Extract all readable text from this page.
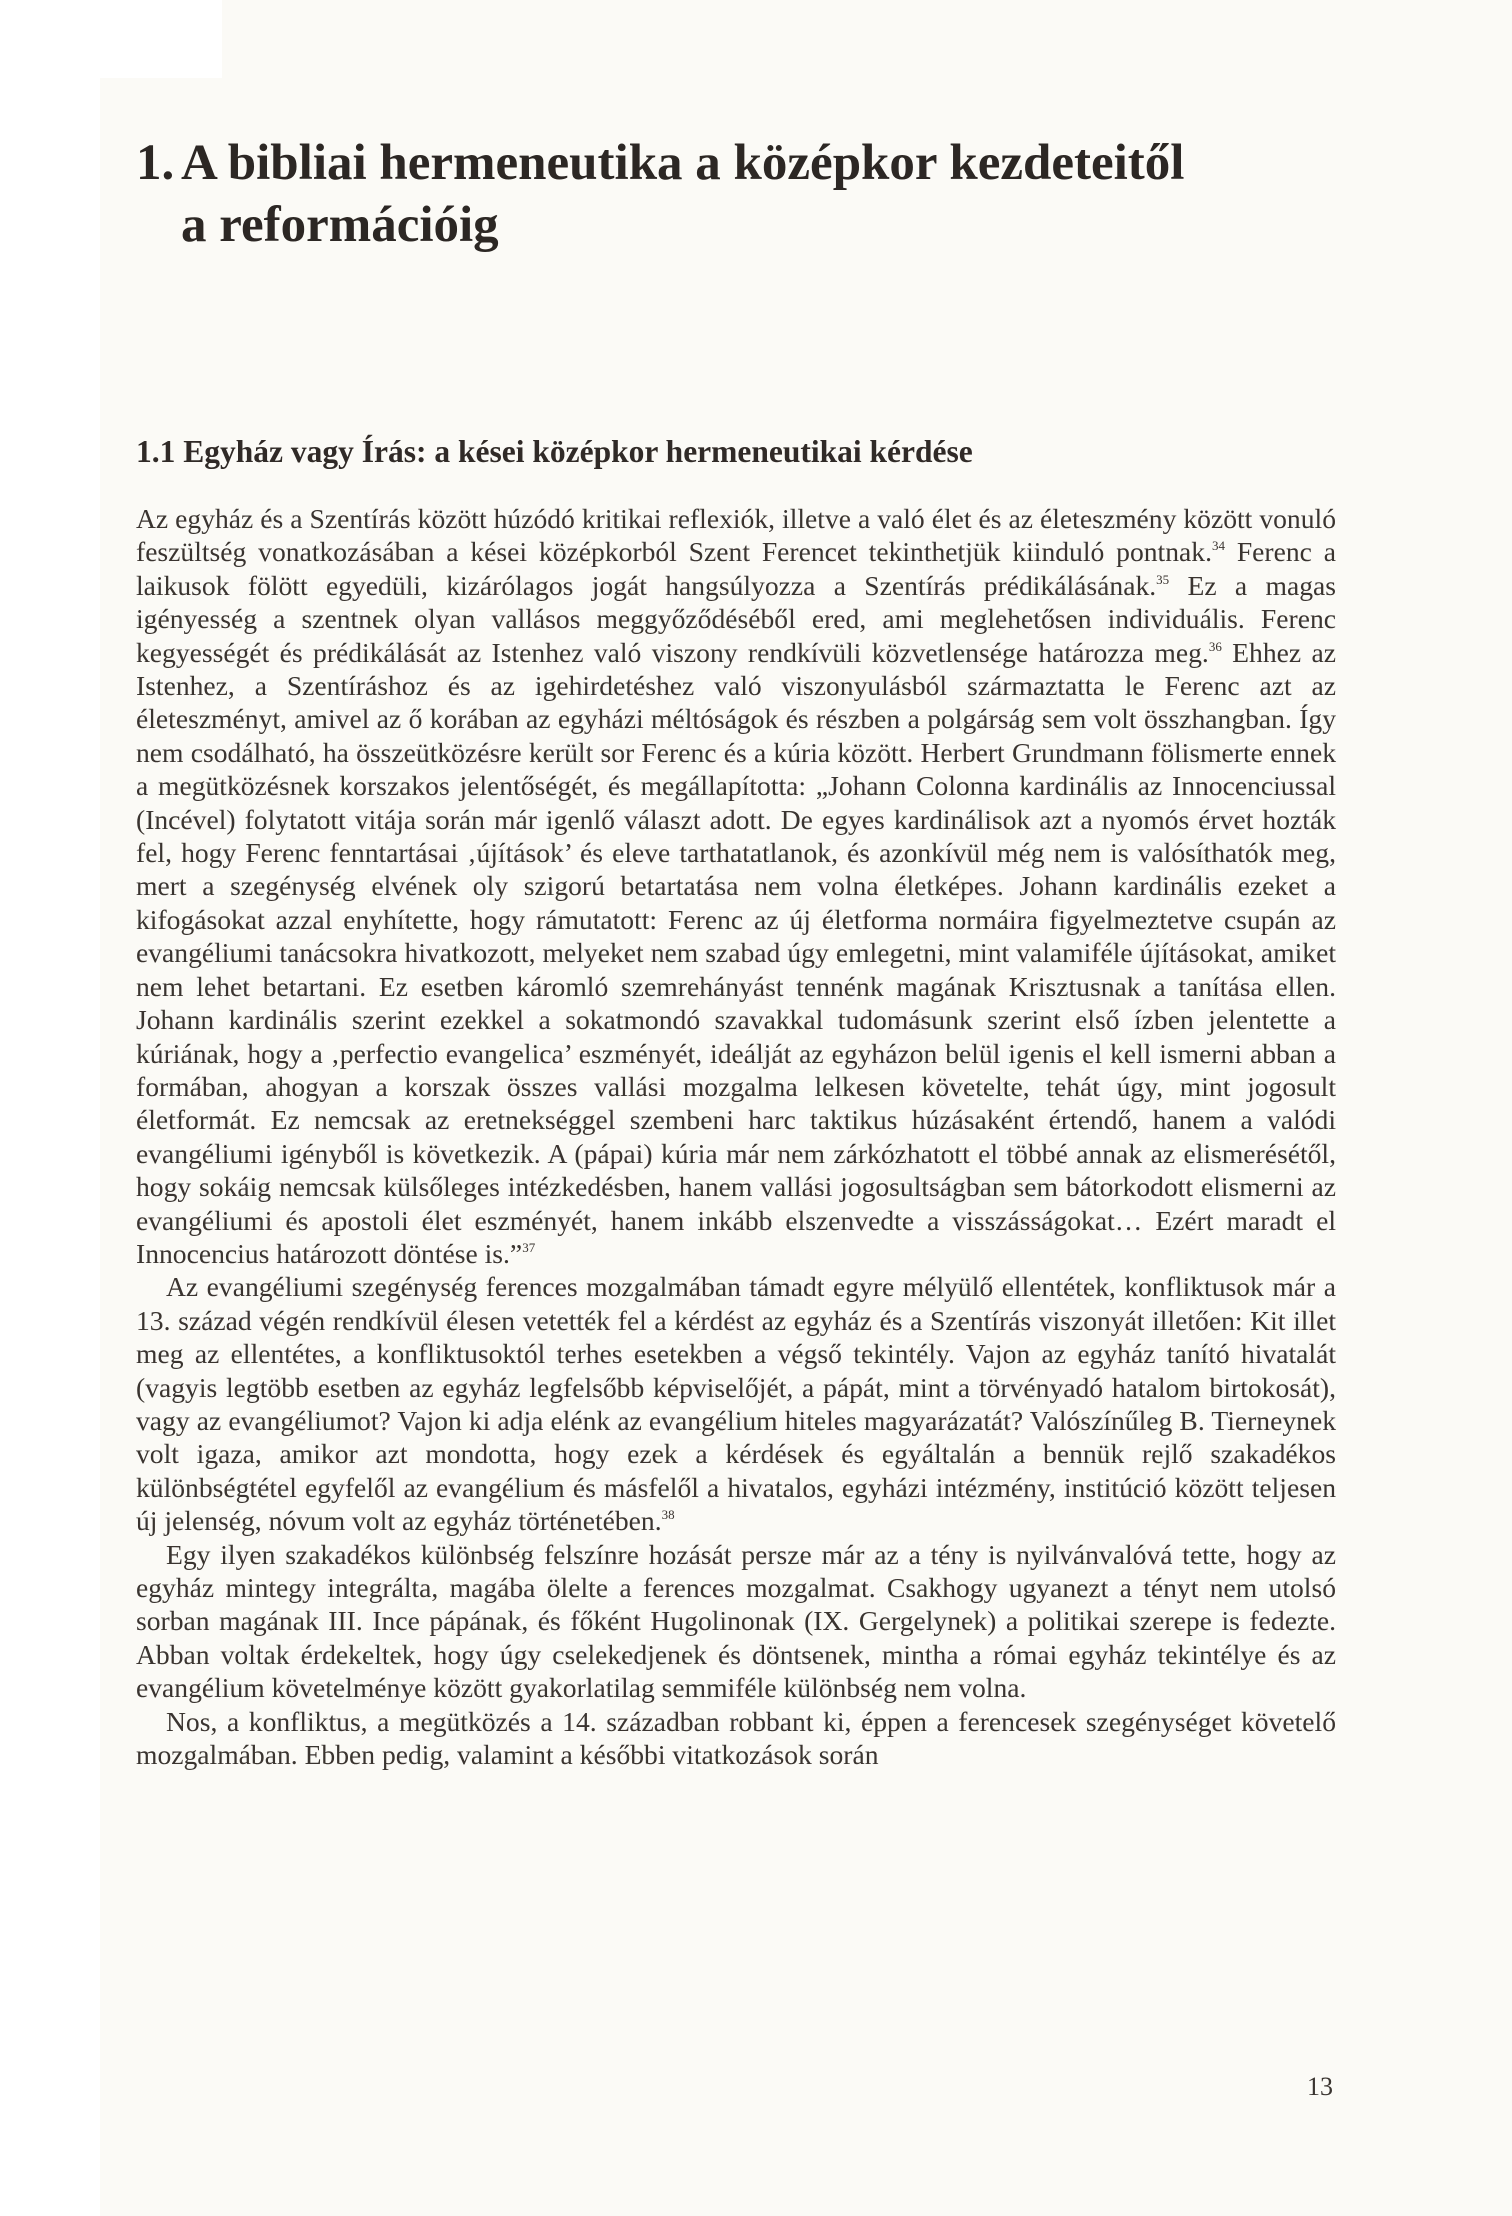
1. A bibliai hermeneutika a középkor kezdeteitől
a reformációig
1.1 Egyház vagy Írás: a kései középkor hermeneutikai kérdése

Az egyház és a Szentírás között húzódó kritikai reflexiók, illetve a való élet és az életeszmény között vonuló feszültség vonatkozásában a kései középkorból Szent Ferencet tekinthetjük kiinduló pontnak.$^{34}$ Ferenc a laikusok fölött egyedüli, kizárólagos jogát hangsúlyozza a Szentírás prédikálásának.$^{35}$ Ez a magas igényesség a szentnek olyan vallásos meggyőződéséből ered, ami meglehetősen individuális. Ferenc kegyességét és prédikálását az Istenhez való viszony rendkívüli közvetlensége határozza meg.$^{36}$ Ehhez az Istenhez, a Szentíráshoz és az igehirdetéshez való viszonyulásból származtatta le Ferenc azt az életeszményt, amivel az ő korában az egyházi méltóságok és részben a polgárság sem volt összhangban. Így nem csodálható, ha összeütközésre került sor Ferenc és a kúria között. Herbert Grundmann fölismerte ennek a megütközésnek korszakos jelentőségét, és megállapította: „Johann Colonna kardinális az Innocenciussal (Incével) folytatott vitája során már igenlő választ adott. De egyes kardinálisok azt a nyomós érvet hozták fel, hogy Ferenc fenntartásai ‚újítások’ és eleve tarthatatlanok, és azonkívül még nem is valósíthatók meg, mert a szegénység elvének oly szigorú betartatása nem volna életképes. Johann kardinális ezeket a kifogásokat azzal enyhítette, hogy rámutatott: Ferenc az új életforma normáira figyelmeztetve csupán az evangéliumi tanácsokra hivatkozott, melyeket nem szabad úgy emlegetni, mint valamiféle újításokat, amiket nem lehet betartani. Ez esetben káromló szemrehányást tennénk magának Krisztusnak a tanítása ellen. Johann kardinális szerint ezekkel a sokatmondó szavakkal tudomásunk szerint első ízben jelentette a kúriának, hogy a ‚perfectio evangelica’ eszményét, ideálját az egyházon belül igenis el kell ismerni abban a formában, ahogyan a korszak összes vallási mozgalma lelkesen követelte, tehát úgy, mint jogosult életformát. Ez nemcsak az eretnekséggel szembeni harc taktikus húzásaként értendő, hanem a valódi evangéliumi igényből is következik. A (pápai) kúria már nem zárkózhatott el többé annak az elismerésétől, hogy sokáig nemcsak külsőleges intézkedésben, hanem vallási jogosultságban sem bátorkodott elismerni az evangéliumi és apostoli élet eszményét, hanem inkább elszenvedte a visszásságokat… Ezért maradt el Innocencius határozott döntése is.”$^{37}$

Az evangéliumi szegénység ferences mozgalmában támadt egyre mélyülő ellentétek, konfliktusok már a 13. század végén rendkívül élesen vetették fel a kérdést az egyház és a Szentírás viszonyát illetően: Kit illet meg az ellentétes, a konfliktusoktól terhes esetekben a végső tekintély. Vajon az egyház tanító hivatalát (vagyis legtöbb esetben az egyház legfelsőbb képviselőjét, a pápát, mint a törvényadó hatalom birtokosát), vagy az evangéliumot? Vajon ki adja elénk az evangélium hiteles magyarázatát? Valószínűleg B. Tierneynek volt igaza, amikor azt mondotta, hogy ezek a kérdések és egyáltalán a bennük rejlő szakadékos különbségtétel egyfelől az evangélium és másfelől a hivatalos, egyházi intézmény, institúció között teljesen új jelenség, nóvum volt az egyház történetében.$^{38}$

Egy ilyen szakadékos különbség felszínre hozását persze már az a tény is nyilvánvalóvá tette, hogy az egyház mintegy integrálta, magába ölelte a ferences mozgalmat. Csakhogy ugyanezt a tényt nem utolsó sorban magának III. Ince pápának, és főként Hugolinonak (IX. Gergelynek) a politikai szerepe is fedezte. Abban voltak érdekeltek, hogy úgy cselekedjenek és döntsenek, mintha a római egyház tekintélye és az evangélium követelménye között gyakorlatilag semmiféle különbség nem volna.

Nos, a konfliktus, a megütközés a 14. században robbant ki, éppen a ferencesek szegénységet követelő mozgalmában. Ebben pedig, valamint a későbbi vitatkozások során

13
